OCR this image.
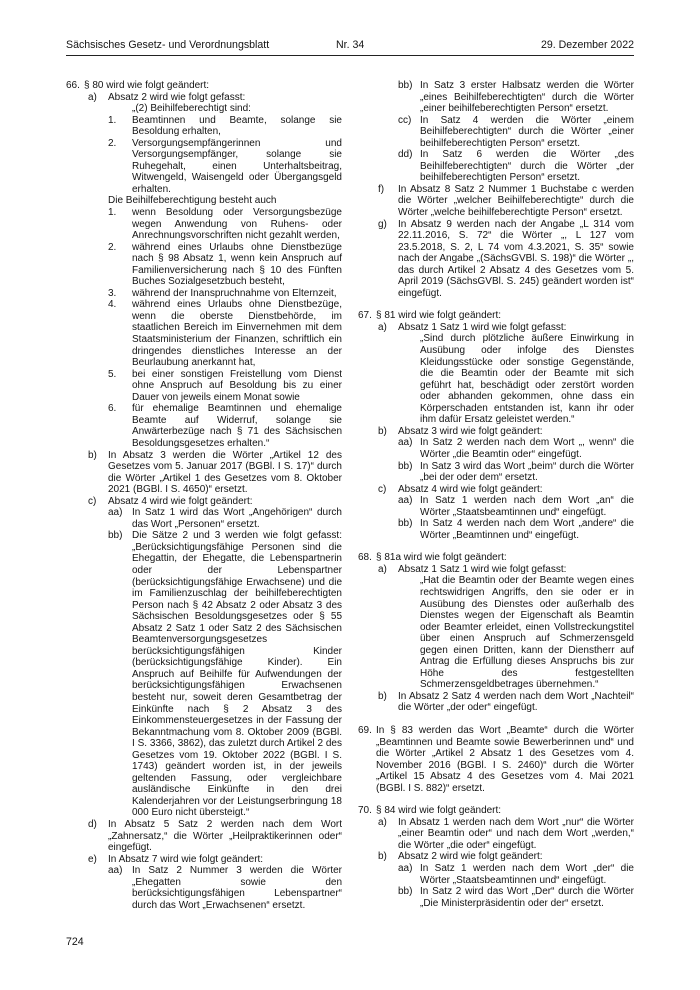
Sächsisches Gesetz- und Verordnungsblatt	Nr. 34	29. Dezember 2022
66. § 80 wird wie folgt geändert:
a) Absatz 2 wird wie folgt gefasst:
„(2) Beihilfeberechtigt sind:
1. Beamtinnen und Beamte, solange sie Besoldung erhalten,
2. Versorgungsempfängerinnen und Versorgungsempfänger, solange sie Ruhegehalt, einen Unterhaltsbeitrag, Witwengeld, Waisengeld oder Übergangsgeld erhalten.
Die Beihilfeberechtigung besteht auch
1. wenn Besoldung oder Versorgungsbezüge wegen Anwendung von Ruhens- oder Anrechnungsvorschriften nicht gezahlt werden,
2. während eines Urlaubs ohne Dienstbezüge nach § 98 Absatz 1, wenn kein Anspruch auf Familienversicherung nach § 10 des Fünften Buches Sozialgesetzbuch besteht,
3. während der Inanspruchnahme von Elternzeit,
4. während eines Urlaubs ohne Dienstbezüge, wenn die oberste Dienstbehörde, im staatlichen Bereich im Einvernehmen mit dem Staatsministerium der Finanzen, schriftlich ein dringendes dienstliches Interesse an der Beurlaubung anerkannt hat,
5. bei einer sonstigen Freistellung vom Dienst ohne Anspruch auf Besoldung bis zu einer Dauer von jeweils einem Monat sowie
6. für ehemalige Beamtinnen und ehemalige Beamte auf Widerruf, solange sie Anwärterbezüge nach § 71 des Sächsischen Besoldungsgesetzes erhalten.“
b) In Absatz 3 werden die Wörter „Artikel 12 des Gesetzes vom 5. Januar 2017 (BGBl. I S. 17)“ durch die Wörter „Artikel 1 des Gesetzes vom 8. Oktober 2021 (BGBl. I S. 4650)“ ersetzt.
c) Absatz 4 wird wie folgt geändert:
aa) In Satz 1 wird das Wort „Angehörigen“ durch das Wort „Personen“ ersetzt.
bb) Die Sätze 2 und 3 werden wie folgt gefasst: „Berücksichtigungsfähige Personen sind die Ehegattin, der Ehegatte, die Lebenspartnerin oder der Lebenspartner (berücksichtigungsfähige Erwachsene) und die im Familienzuschlag der beihilfeberechtigten Person nach § 42 Absatz 2 oder Absatz 3 des Sächsischen Besoldungsgesetzes oder § 55 Absatz 2 Satz 1 oder Satz 2 des Sächsischen Beamtenversorgungsgesetzes berücksichtigungsfähigen Kinder (berücksichtigungsfähige Kinder). Ein Anspruch auf Beihilfe für Aufwendungen der berücksichtigungsfähigen Erwachsenen besteht nur, soweit deren Gesamtbetrag der Einkünfte nach § 2 Absatz 3 des Einkommensteuergesetzes in der Fassung der Bekanntmachung vom 8. Oktober 2009 (BGBl. I S. 3366, 3862), das zuletzt durch Artikel 2 des Gesetzes vom 19. Oktober 2022 (BGBl. I S. 1743) geändert worden ist, in der jeweils geltenden Fassung, oder vergleichbare ausländische Einkünfte in den drei Kalenderjahren vor der Leistungserbringung 18 000 Euro nicht übersteigt.“
d) In Absatz 5 Satz 2 werden nach dem Wort „Zahnersatz,“ die Wörter „Heilpraktikerinnen oder“ eingefügt.
e) In Absatz 7 wird wie folgt geändert:
aa) In Satz 2 Nummer 3 werden die Wörter „Ehegatten sowie den berücksichtigungsfähigen Lebenspartner“ durch das Wort „Erwachsenen“ ersetzt.
bb) In Satz 3 erster Halbsatz werden die Wörter „eines Beihilfeberechtigten“ durch die Wörter „einer beihilfeberechtigten Person“ ersetzt.
cc) In Satz 4 werden die Wörter „einem Beihilfeberechtigten“ durch die Wörter „einer beihilfeberechtigten Person“ ersetzt.
dd) In Satz 6 werden die Wörter „des Beihilfeberechtigten“ durch die Wörter „der beihilfeberechtigten Person“ ersetzt.
f) In Absatz 8 Satz 2 Nummer 1 Buchstabe c werden die Wörter „welcher Beihilfeberechtigte“ durch die Wörter „welche beihilfeberechtigte Person“ ersetzt.
g) In Absatz 9 werden nach der Angabe „L 314 vom 22.11.2016, S. 72“ die Wörter „, L 127 vom 23.5.2018, S. 2, L 74 vom 4.3.2021, S. 35“ sowie nach der Angabe „(SächsGVBl. S. 198)“ die Wörter „, das durch Artikel 2 Absatz 4 des Gesetzes vom 5. April 2019 (SächsGVBl. S. 245) geändert worden ist“ eingefügt.
67. § 81 wird wie folgt geändert:
a) Absatz 1 Satz 1 wird wie folgt gefasst:
„Sind durch plötzliche äußere Einwirkung in Ausübung oder infolge des Dienstes Kleidungsstücke oder sonstige Gegenstände, die die Beamtin oder der Beamte mit sich geführt hat, beschädigt oder zerstört worden oder abhanden gekommen, ohne dass ein Körperschaden entstanden ist, kann ihr oder ihm dafür Ersatz geleistet werden.“
b) Absatz 3 wird wie folgt geändert:
aa) In Satz 2 werden nach dem Wort „, wenn“ die Wörter „die Beamtin oder“ eingefügt.
bb) In Satz 3 wird das Wort „beim“ durch die Wörter „bei der oder dem“ ersetzt.
c) Absatz 4 wird wie folgt geändert:
aa) In Satz 1 werden nach dem Wort „an“ die Wörter „Staatsbeamtinnen und“ eingefügt.
bb) In Satz 4 werden nach dem Wort „andere“ die Wörter „Beamtinnen und“ eingefügt.
68. § 81a wird wie folgt geändert:
a) Absatz 1 Satz 1 wird wie folgt gefasst:
„Hat die Beamtin oder der Beamte wegen eines rechtswidrigen Angriffs, den sie oder er in Ausübung des Dienstes oder außerhalb des Dienstes wegen der Eigenschaft als Beamtin oder Beamter erleidet, einen Vollstreckungstitel über einen Anspruch auf Schmerzensgeld gegen einen Dritten, kann der Dienstherr auf Antrag die Erfüllung dieses Anspruchs bis zur Höhe des festgestellten Schmerzensgeldbetrages übernehmen.“
b) In Absatz 2 Satz 4 werden nach dem Wort „Nachteil“ die Wörter „der oder“ eingefügt.
69. In § 83 werden das Wort „Beamte“ durch die Wörter „Beamtinnen und Beamte sowie Bewerberinnen und“ und die Wörter „Artikel 2 Absatz 1 des Gesetzes vom 4. November 2016 (BGBl. I S. 2460)“ durch die Wörter „Artikel 15 Absatz 4 des Gesetzes vom 4. Mai 2021 (BGBl. I S. 882)“ ersetzt.
70. § 84 wird wie folgt geändert:
a) In Absatz 1 werden nach dem Wort „nur“ die Wörter „einer Beamtin oder“ und nach dem Wort „werden,“ die Wörter „die oder“ eingefügt.
b) Absatz 2 wird wie folgt geändert:
aa) In Satz 1 werden nach dem Wort „der“ die Wörter „Staatsbeamtinnen und“ eingefügt.
bb) In Satz 2 wird das Wort „Der“ durch die Wörter „Die Ministerpräsidentin oder der“ ersetzt.
724
